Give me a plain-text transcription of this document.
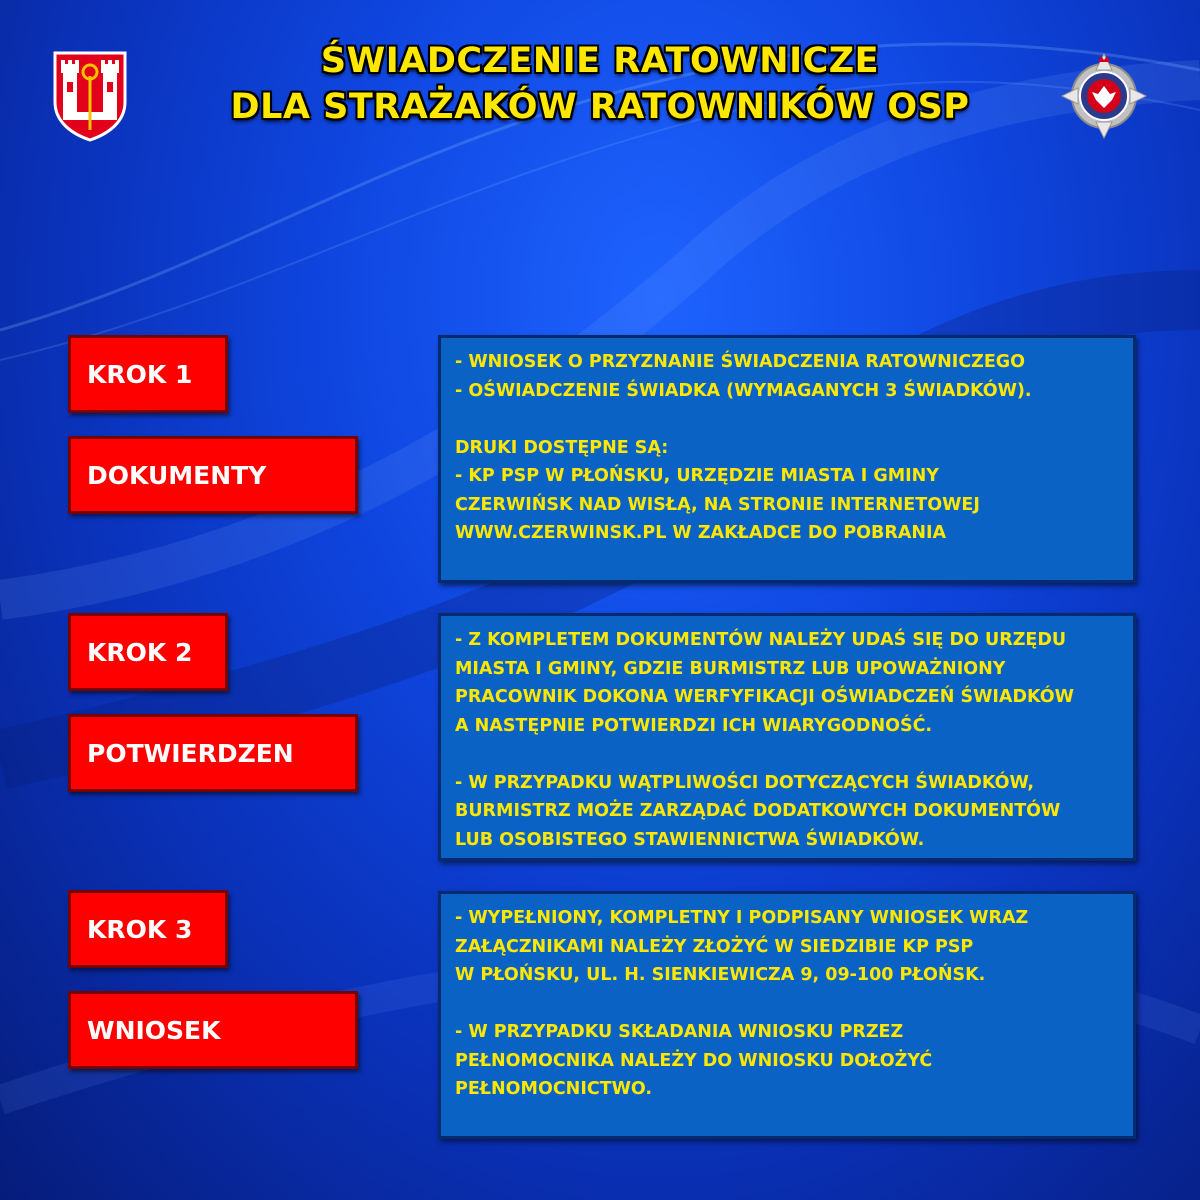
ŚWIADCZENIE RATOWNICZE
DLA STRAŻAKÓW RATOWNIKÓW OSP
KROK 1
DOKUMENTY
- WNIOSEK O PRZYZNANIE ŚWIADCZENIA RATOWNICZEGO
- OŚWIADCZENIE ŚWIADKA (WYMAGANYCH 3 ŚWIADKÓW).
DRUKI DOSTĘPNE SĄ:
- KP PSP W PŁOŃSKU, URZĘDZIE MIASTA I GMINY
CZERWIŃSK NAD WISŁĄ, NA STRONIE INTERNETOWEJ
WWW.CZERWINSK.PL W ZAKŁADCE DO POBRANIA
KROK 2
POTWIERDZEN
- Z KOMPLETEM DOKUMENTÓW NALEŻY UDAŚ SIĘ DO URZĘDU
MIASTA I GMINY, GDZIE BURMISTRZ LUB UPOWAŻNIONY
PRACOWNIK DOKONA WERFYFIKACJI OŚWIADCZEŃ ŚWIADKÓW
A NASTĘPNIE POTWIERDZI ICH WIARYGODNOŚĆ.
- W PRZYPADKU WĄTPLIWOŚCI DOTYCZĄCYCH ŚWIADKÓW,
BURMISTRZ MOŻE ZARZĄDAĆ DODATKOWYCH DOKUMENTÓW
LUB OSOBISTEGO STAWIENNICTWA ŚWIADKÓW.
KROK 3
WNIOSEK
- WYPEŁNIONY, KOMPLETNY I PODPISANY WNIOSEK WRAZ
ZAŁĄCZNIKAMI NALEŻY ZŁOŻYĆ W SIEDZIBIE KP PSP
W PŁOŃSKU, UL. H. SIENKIEWICZA 9, 09-100 PŁOŃSK.
- W PRZYPADKU SKŁADANIA WNIOSKU PRZEZ
PEŁNOMOCNIKA NALEŻY DO WNIOSKU DOŁOŻYĆ
PEŁNOMOCNICTWO.
